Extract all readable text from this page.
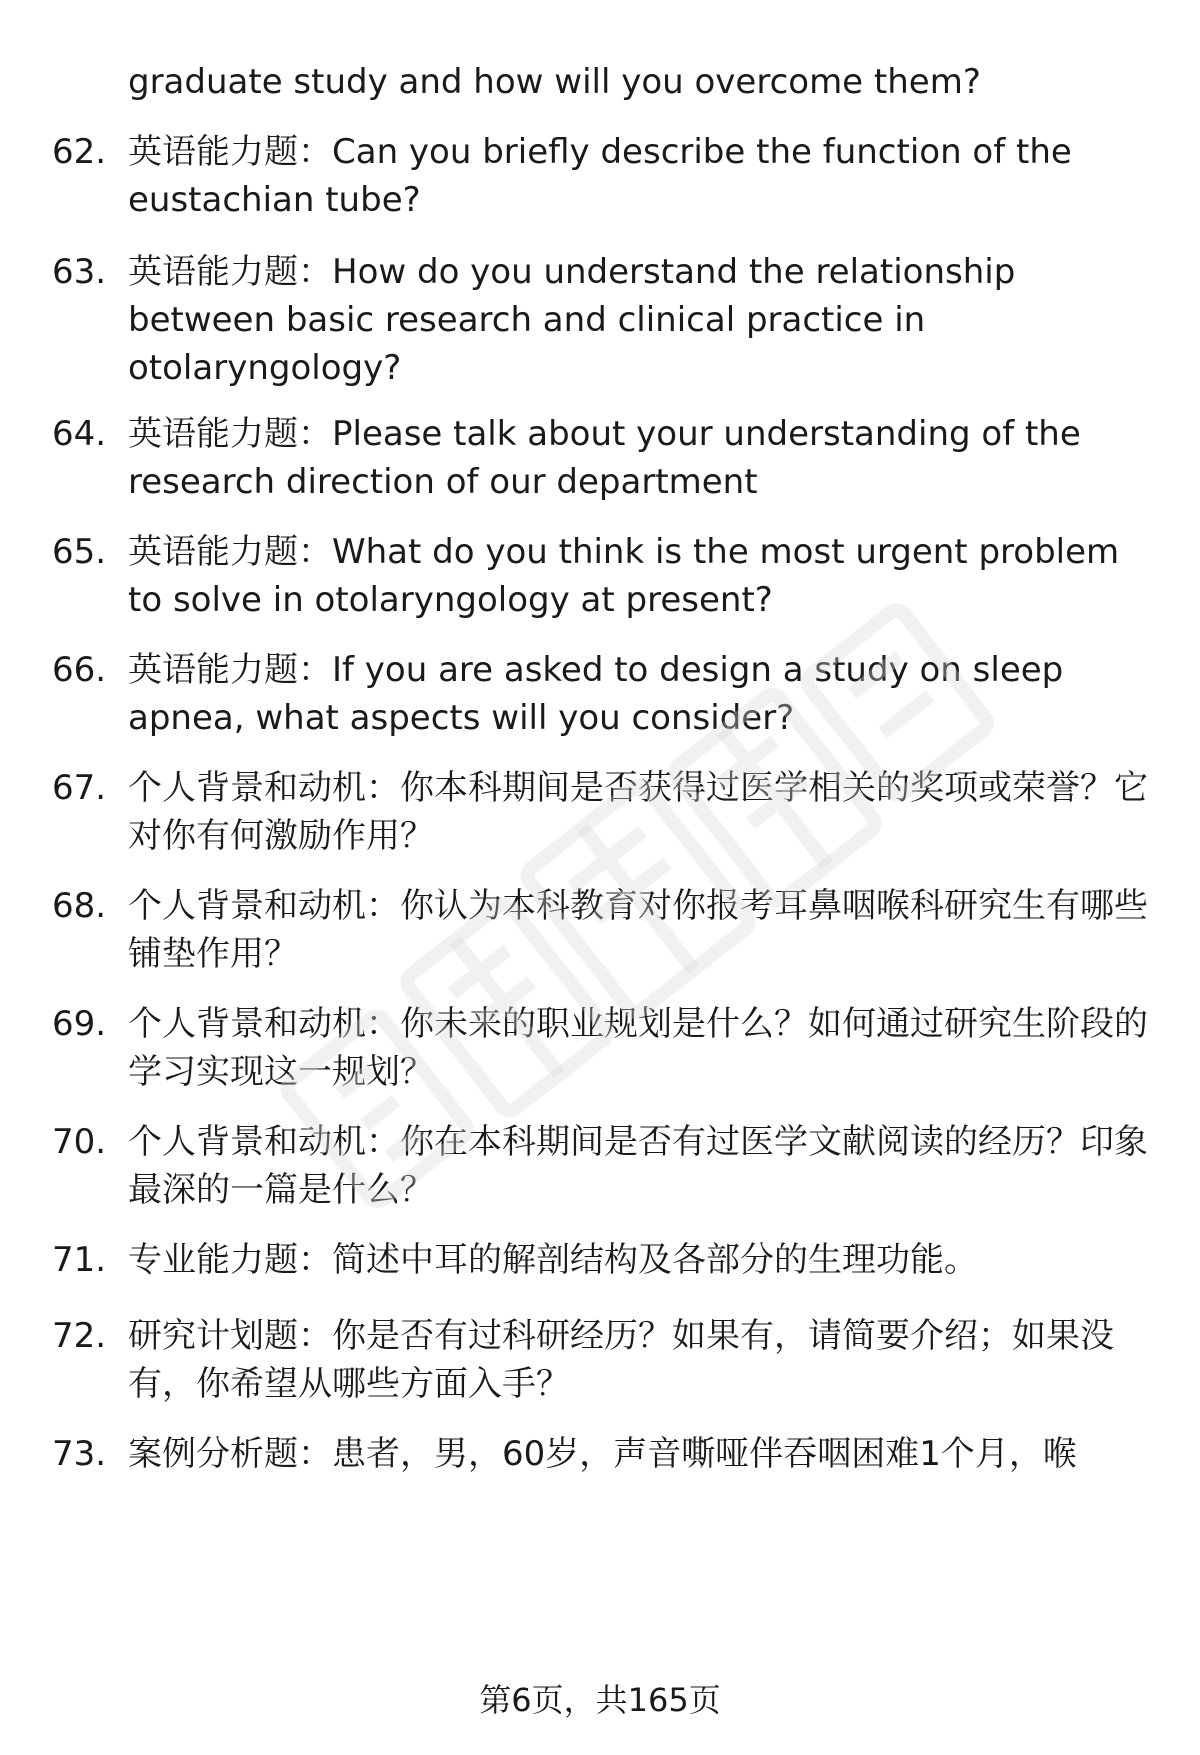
graduate study and how will you overcome them?
62. 英语能力题：Can you briefly describe the function of the eustachian tube?
63. 英语能力题：How do you understand the relationship between basic research and clinical practice in otolaryngology?
64. 英语能力题：Please talk about your understanding of the research direction of our department
65. 英语能力题：What do you think is the most urgent problem to solve in otolaryngology at present?
66. 英语能力题：If you are asked to design a study on sleep apnea, what aspects will you consider?
67. 个人背景和动机：你本科期间是否获得过医学相关的奖项或荣誉？它对你有何激励作用？
68. 个人背景和动机：你认为本科教育对你报考耳鼻咽喉科研究生有哪些铺垫作用？
69. 个人背景和动机：你未来的职业规划是什么？如何通过研究生阶段的学习实现这一规划？
70. 个人背景和动机：你在本科期间是否有过医学文献阅读的经历？印象最深的一篇是什么？
71. 专业能力题：简述中耳的解剖结构及各部分的生理功能。
72. 研究计划题：你是否有过科研经历？如果有，请简要介绍；如果没有，你希望从哪些方面入手？
73. 案例分析题：患者，男，60岁，声音嘶哑伴吞咽困难1个月，喉
第6页，共165页
